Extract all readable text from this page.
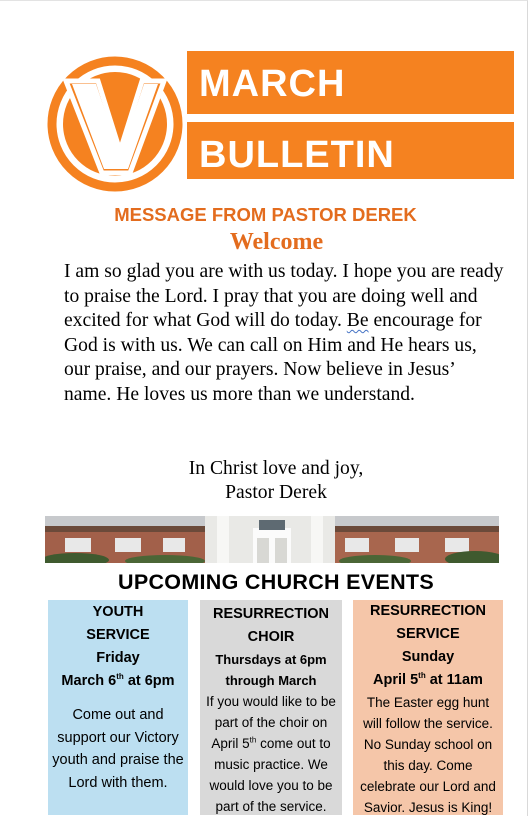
MARCH
BULLETIN
MESSAGE FROM PASTOR DEREK
Welcome
I am so glad you are with us today. I hope you are ready to praise the Lord. I pray that you are doing well and excited for what God will do today. Be encourage for God is with us. We can call on Him and He hears us, our praise, and our prayers. Now believe in Jesus’ name. He loves us more than we understand.
In Christ love and joy,
Pastor Derek
UPCOMING CHURCH EVENTS
YOUTH
SERVICE
Friday
March 6th at 6pm
Come out and support our Victory youth and praise the Lord with them.
RESURRECTION
CHOIR
Thursdays at 6pm
through March
If you would like to be part of the choir on April 5th come out to music practice. We would love you to be part of the service.
RESURRECTION
SERVICE
Sunday
April 5th at 11am
The Easter egg hunt will follow the service. No Sunday school on this day. Come celebrate our Lord and Savior. Jesus is King!
